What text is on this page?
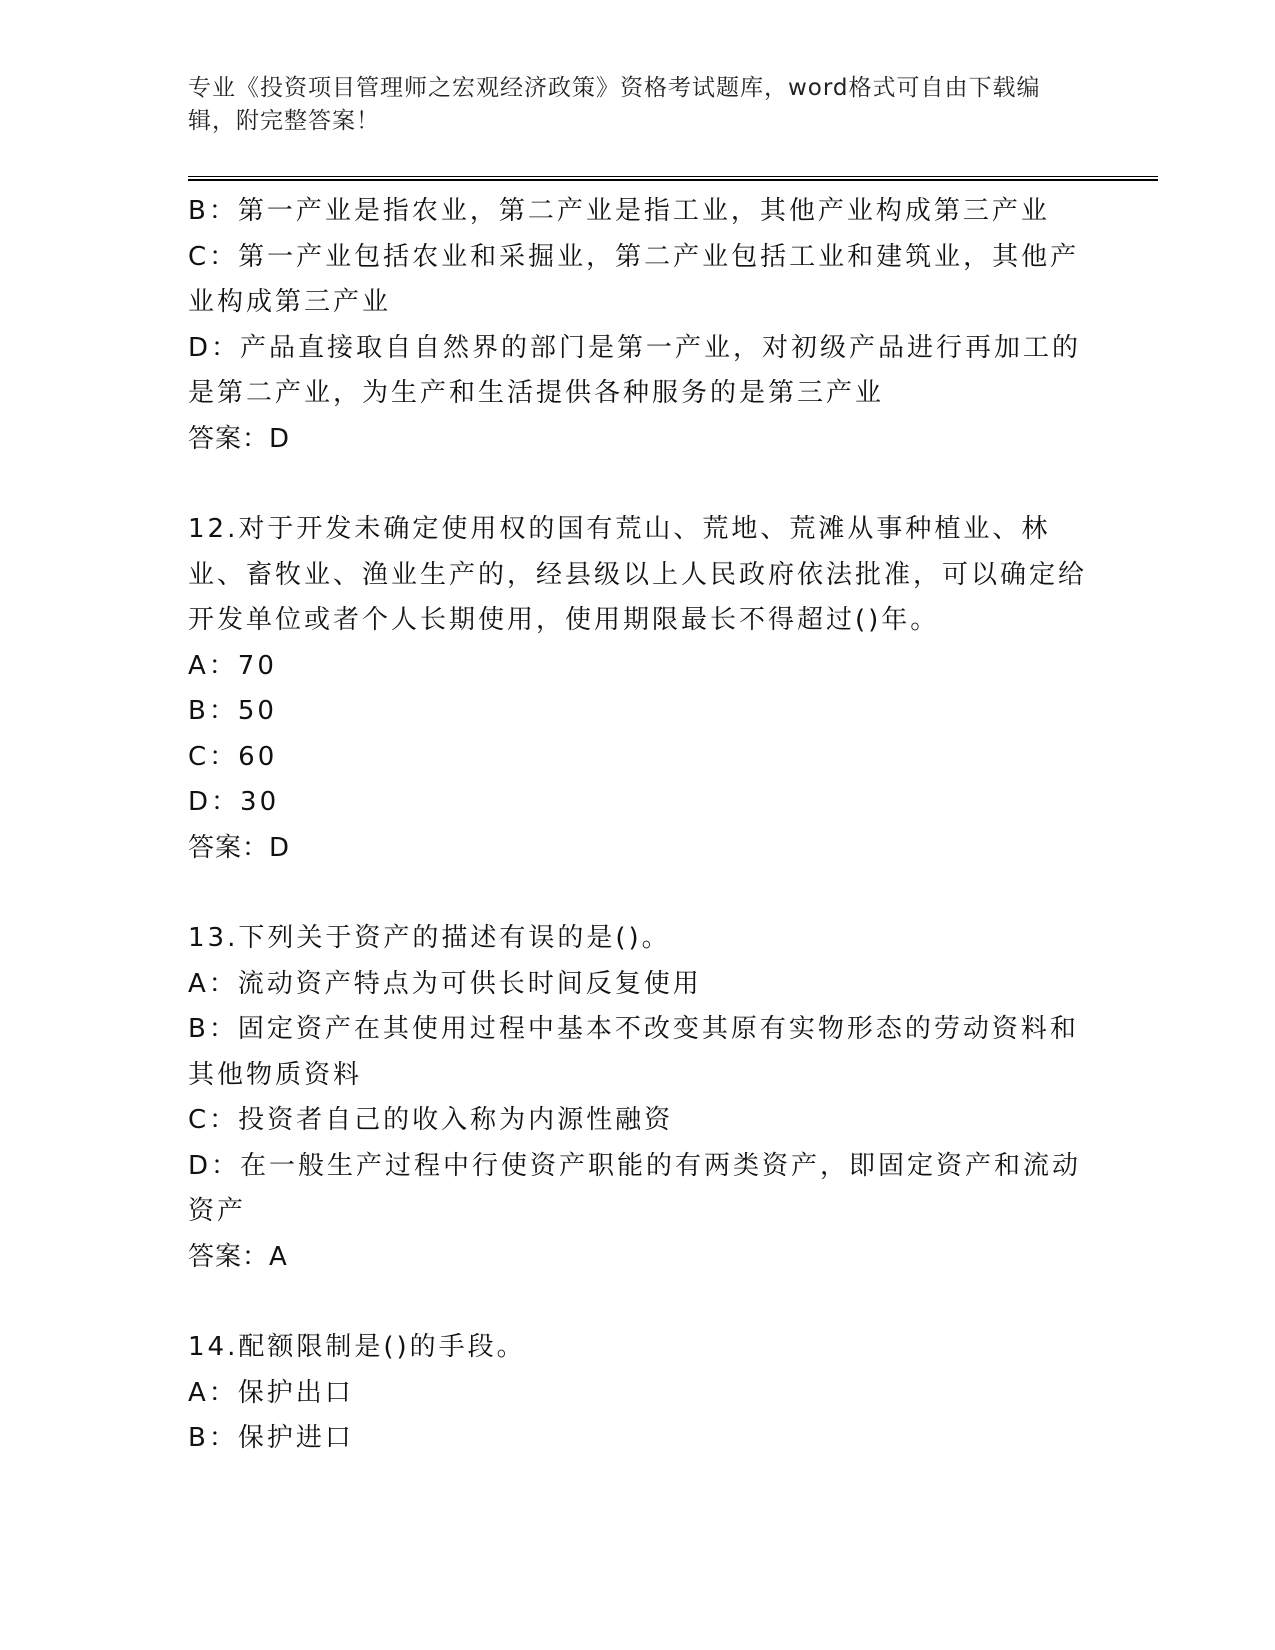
专业《投资项目管理师之宏观经济政策》资格考试题库，word格式可自由下载编辑，附完整答案！

B：第一产业是指农业，第二产业是指工业，其他产业构成第三产业

C：第一产业包括农业和采掘业，第二产业包括工业和建筑业，其他产业构成第三产业

D：产品直接取自自然界的部门是第一产业，对初级产品进行再加工的是第二产业，为生产和生活提供各种服务的是第三产业

答案：D

12.对于开发未确定使用权的国有荒山、荒地、荒滩从事种植业、林业、畜牧业、渔业生产的，经县级以上人民政府依法批准，可以确定给开发单位或者个人长期使用，使用期限最长不得超过()年。

A：70

B：50

C：60

D：30

答案：D

13.下列关于资产的描述有误的是()。

A：流动资产特点为可供长时间反复使用

B：固定资产在其使用过程中基本不改变其原有实物形态的劳动资料和其他物质资料

C：投资者自己的收入称为内源性融资

D：在一般生产过程中行使资产职能的有两类资产，即固定资产和流动资产

答案：A

14.配额限制是()的手段。

A：保护出口

B：保护进口
